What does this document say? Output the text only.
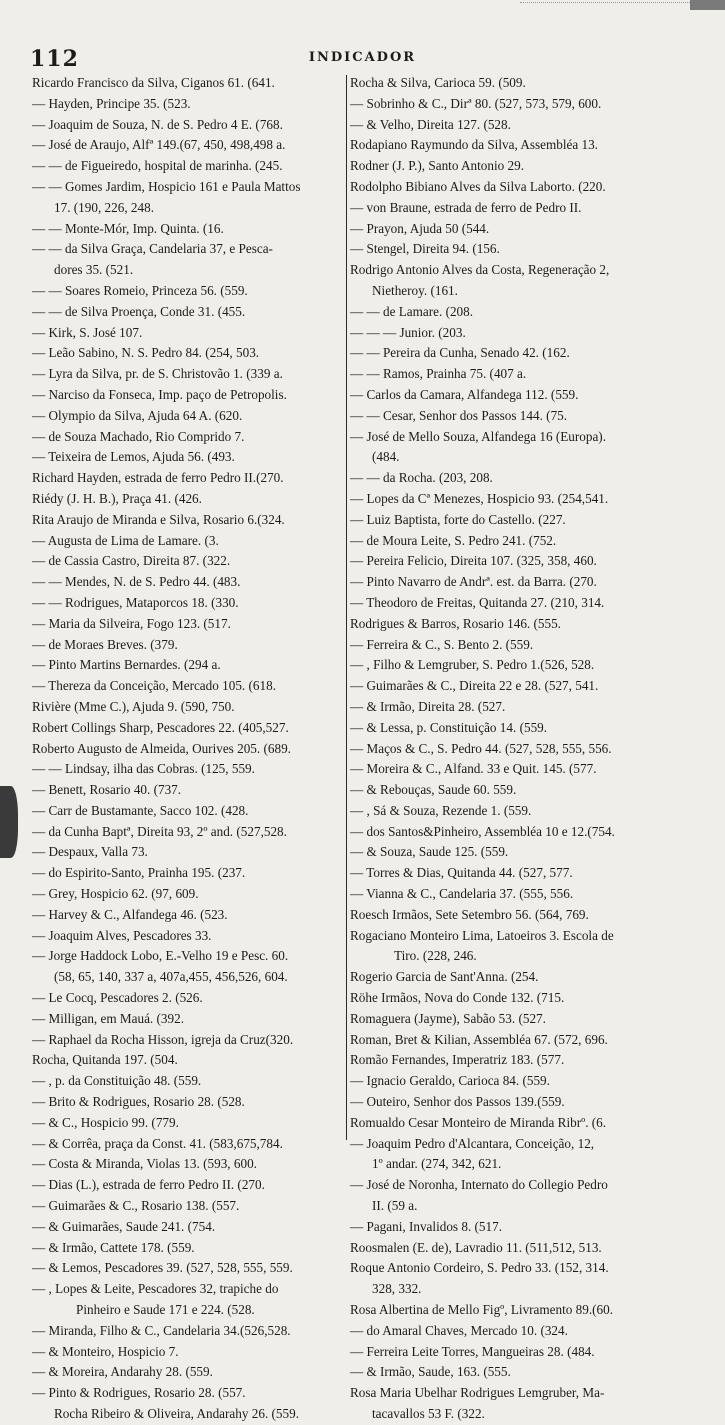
112	INDICADOR
Ricardo Francisco da Silva, Ciganos 61. (641.
— Hayden, Principe 35. (523.
— Joaquim de Souza, N. de S. Pedro 4 E. (768.
— José de Araujo, Alfª 149.(67, 450, 498,498 a.
— — de Figueiredo, hospital de marinha. (245.
— — Gomes Jardim, Hospicio 161 e Paula Mattos
17. (190, 226, 248.
— — Monte-Mór, Imp. Quinta. (16.
— — da Silva Graça, Candelaria 37, e Pesca-
dores 35. (521.
— — Soares Romeio, Princeza 56. (559.
— — de Silva Proença, Conde 31. (455.
— Kirk, S. José 107.
— Leão Sabino, N. S. Pedro 84. (254, 503.
— Lyra da Silva, pr. de S. Christovão 1. (339 a.
— Narciso da Fonseca, Imp. paço de Petropolis.
— Olympio da Silva, Ajuda 64 A. (620.
— de Souza Machado, Rio Comprido 7.
— Teixeira de Lemos, Ajuda 56. (493.
Richard Hayden, estrada de ferro Pedro II.(270.
Riédy (J. H. B.), Praça 41. (426.
Rita Araujo de Miranda e Silva, Rosario 6.(324.
— Augusta de Lima de Lamare. (3.
— de Cassia Castro, Direita 87. (322.
— — Mendes, N. de S. Pedro 44. (483.
— — Rodrigues, Mataporcos 18. (330.
— Maria da Silveira, Fogo 123. (517.
— de Moraes Breves. (379.
— Pinto Martins Bernardes. (294 a.
— Thereza da Conceição, Mercado 105. (618.
Rivière (Mme C.), Ajuda 9. (590, 750.
Robert Collings Sharp, Pescadores 22. (405,527.
Roberto Augusto de Almeida, Ourives 205. (689.
— — Lindsay, ilha das Cobras. (125, 559.
— Benett, Rosario 40. (737.
— Carr de Bustamante, Sacco 102. (428.
— da Cunha Baptª, Direita 93, 2º and. (527,528.
— Despaux, Valla 73.
— do Espirito-Santo, Prainha 195. (237.
— Grey, Hospicio 62. (97, 609.
— Harvey & C., Alfandega 46. (523.
— Joaquim Alves, Pescadores 33.
— Jorge Haddock Lobo, E.-Velho 19 e Pesc. 60.
(58, 65, 140, 337 a, 407a,455, 456,526, 604.
— Le Cocq, Pescadores 2. (526.
— Milligan, em Mauá. (392.
— Raphael da Rocha Hisson, igreja da Cruz(320.
Rocha, Quitanda 197. (504.
— , p. da Constituição 48. (559.
— Brito & Rodrigues, Rosario 28. (528.
— & C., Hospicio 99. (779.
— & Corrêa, praça da Const. 41. (583,675,784.
— Costa & Miranda, Violas 13. (593, 600.
— Dias (L.), estrada de ferro Pedro II. (270.
— Guimarães & C., Rosario 138. (557.
— & Guimarães, Saude 241. (754.
— & Irmão, Cattete 178. (559.
— & Lemos, Pescadores 39. (527, 528, 555, 559.
— , Lopes & Leite, Pescadores 32, trapiche do
Pinheiro e Saude 171 e 224. (528.
— Miranda, Filho & C., Candelaria 34.(526,528.
— & Monteiro, Hospicio 7.
— & Moreira, Andarahy 28. (559.
— Pinto & Rodrigues, Rosario 28. (557.
Rocha Ribeiro & Oliveira, Andarahy 26. (559.
Rocha & Silva, Carioca 59. (509.
— Sobrinho & C., Dirª 80. (527, 573, 579, 600.
— & Velho, Direita 127. (528.
Rodapiano Raymundo da Silva, Assembléa 13.
Rodner (J. P.), Santo Antonio 29.
Rodolpho Bibiano Alves da Silva Laborto. (220.
— von Braune, estrada de ferro de Pedro II.
— Prayon, Ajuda 50 (544.
— Stengel, Direita 94. (156.
Rodrigo Antonio Alves da Costa, Regeneração 2,
Nietheroy. (161.
— — de Lamare. (208.
— — — Junior. (203.
— — Pereira da Cunha, Senado 42. (162.
— — Ramos, Prainha 75. (407 a.
— Carlos da Camara, Alfandega 112. (559.
— — Cesar, Senhor dos Passos 144. (75.
— José de Mello Souza, Alfandega 16 (Europa).
(484.
— — da Rocha. (203, 208.
— Lopes da Cª Menezes, Hospicio 93. (254,541.
— Luiz Baptista, forte do Castello. (227.
— de Moura Leite, S. Pedro 241. (752.
— Pereira Felicio, Direita 107. (325, 358, 460.
— Pinto Navarro de Andrª. est. da Barra. (270.
— Theodoro de Freitas, Quitanda 27. (210, 314.
Rodrigues & Barros, Rosario 146. (555.
— Ferreira & C., S. Bento 2. (559.
— , Filho & Lemgruber, S. Pedro 1.(526, 528.
— Guimarães & C., Direita 22 e 28. (527, 541.
— & Irmão, Direita 28. (527.
— & Lessa, p. Constituição 14. (559.
— Maços & C., S. Pedro 44. (527, 528, 555, 556.
— Moreira & C., Alfand. 33 e Quit. 145. (577.
— & Rebouças, Saude 60. 559.
— , Sá & Souza, Rezende 1. (559.
— dos Santos&Pinheiro, Assembléa 10 e 12.(754.
— & Souza, Saude 125. (559.
— Torres & Dias, Quitanda 44. (527, 577.
— Vianna & C., Candelaria 37. (555, 556.
Roesch Irmãos, Sete Setembro 56. (564, 769.
Rogaciano Monteiro Lima, Latoeiros 3. Escola de
Tiro. (228, 246.
Rogerio Garcia de Sant'Anna. (254.
Röhe Irmãos, Nova do Conde 132. (715.
Romaguera (Jayme), Sabão 53. (527.
Roman, Bret & Kilian, Assembléa 67. (572, 696.
Romão Fernandes, Imperatriz 183. (577.
— Ignacio Geraldo, Carioca 84. (559.
— Outeiro, Senhor dos Passos 139.(559.
Romualdo Cesar Monteiro de Miranda Ribrº. (6.
— Joaquim Pedro d'Alcantara, Conceição, 12,
1º andar. (274, 342, 621.
— José de Noronha, Internato do Collegio Pedro
II. (59 a.
— Pagani, Invalidos 8. (517.
Roosmalen (E. de), Lavradio 11. (511,512, 513.
Roque Antonio Cordeiro, S. Pedro 33. (152, 314.
328, 332.
Rosa Albertina de Mello Figº, Livramento 89.(60.
— do Amaral Chaves, Mercado 10. (324.
— Ferreira Leite Torres, Mangueiras 28. (484.
— & Irmão, Saude, 163. (555.
Rosa Maria Ubelhar Rodrigues Lemgruber, Ma-
tacavallos 53 F. (322.
